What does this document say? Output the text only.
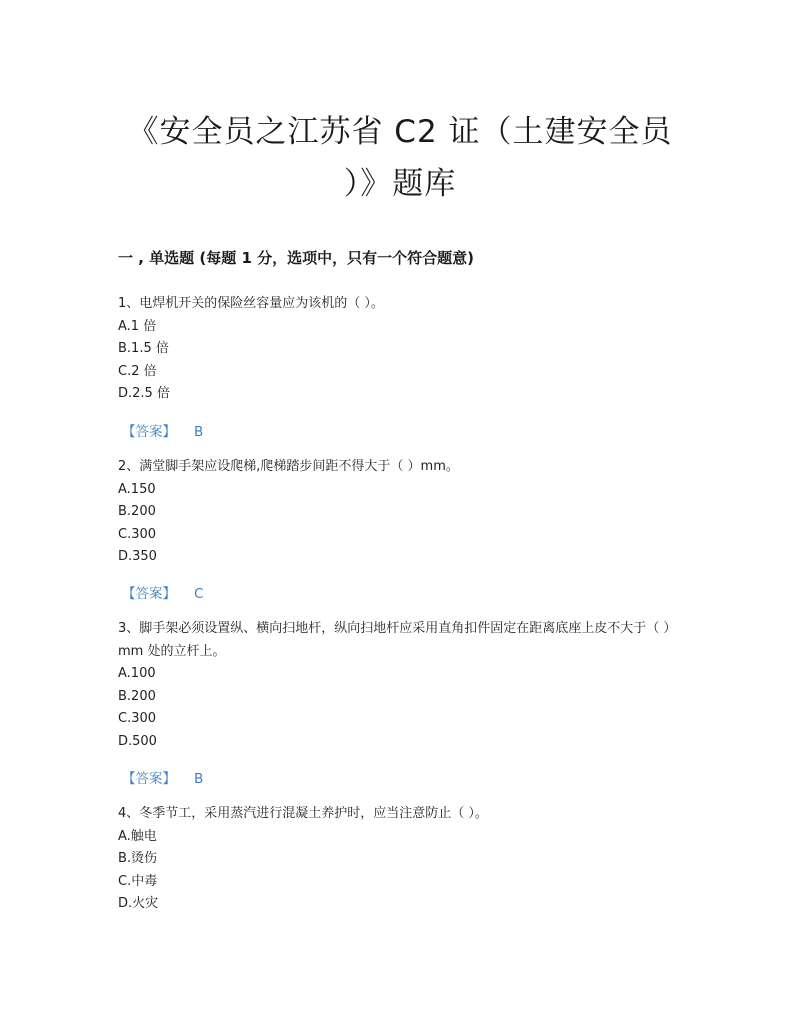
《安全员之江苏省 C2 证（土建安全员
）》题库
一 , 单选题 (每题 1 分，选项中，只有一个符合题意)
1、电焊机开关的保险丝容量应为该机的（ ）。
A.1 倍
B.1.5 倍
C.2 倍
D.2.5 倍
【答案】 B
2、满堂脚手架应设爬梯,爬梯踏步间距不得大于（ ）mm。
A.150
B.200
C.300
D.350
【答案】 C
3、脚手架必须设置纵、横向扫地杆，纵向扫地杆应采用直角扣件固定在距离底座上皮不大于（ ）mm 处的立杆上。
A.100
B.200
C.300
D.500
【答案】 B
4、冬季节工，采用蒸汽进行混凝土养护时，应当注意防止（ ）。
A.触电
B.烫伤
C.中毒
D.火灾
